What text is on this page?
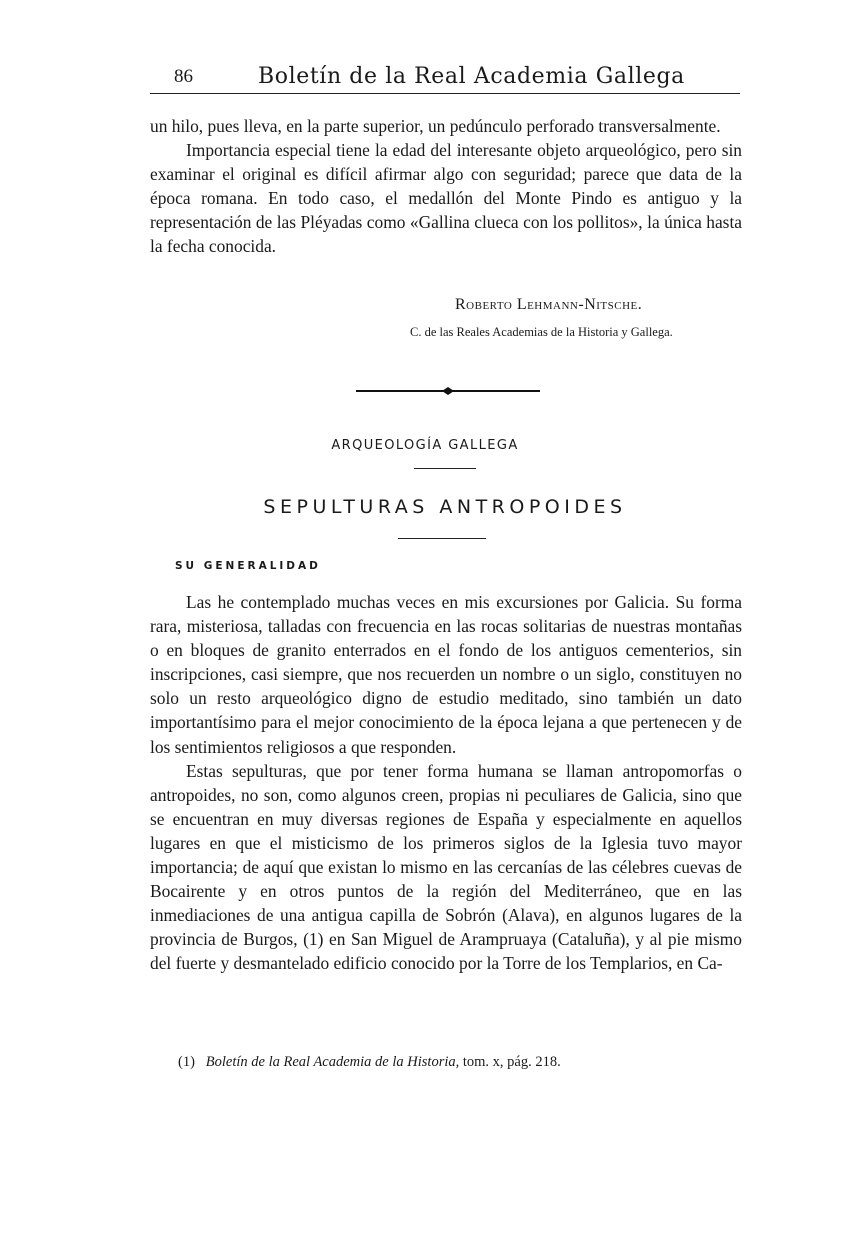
86	Boletín de la Real Academia Gallega

un hilo, pues lleva, en la parte superior, un pedúnculo perforado transversalmente.

Importancia especial tiene la edad del interesante objeto arqueológico, pero sin examinar el original es difícil afirmar algo con seguridad; parece que data de la época romana. En todo caso, el medallón del Monte Pindo es antiguo y la representación de las Pléyadas como «Gallina clueca con los pollitos», la única hasta la fecha conocida.

Roberto Lehmann-Nitsche.
C. de las Reales Academias de la Historia y Gallega.
ARQUEOLOGÍA GALLEGA
SEPULTURAS ANTROPOIDES
SU GENERALIDAD

Las he contemplado muchas veces en mis excursiones por Galicia. Su forma rara, misteriosa, talladas con frecuencia en las rocas solitarias de nuestras montañas o en bloques de granito enterrados en el fondo de los antiguos cementerios, sin inscripciones, casi siempre, que nos recuerden un nombre o un siglo, constituyen no solo un resto arqueológico digno de estudio meditado, sino también un dato importantísimo para el mejor conocimiento de la época lejana a que pertenecen y de los sentimientos religiosos a que responden.

Estas sepulturas, que por tener forma humana se llaman antropomorfas o antropoides, no son, como algunos creen, propias ni peculiares de Galicia, sino que se encuentran en muy diversas regiones de España y especialmente en aquellos lugares en que el misticismo de los primeros siglos de la Iglesia tuvo mayor importancia; de aquí que existan lo mismo en las cercanías de las célebres cuevas de Bocairente y en otros puntos de la región del Mediterráneo, que en las inmediaciones de una antigua capilla de Sobrón (Alava), en algunos lugares de la provincia de Burgos, (1) en San Miguel de Arampruaya (Cataluña), y al pie mismo del fuerte y desmantelado edificio conocido por la Torre de los Templarios, en Ca-

(1) Boletín de la Real Academia de la Historia, tom. x, pág. 218.
